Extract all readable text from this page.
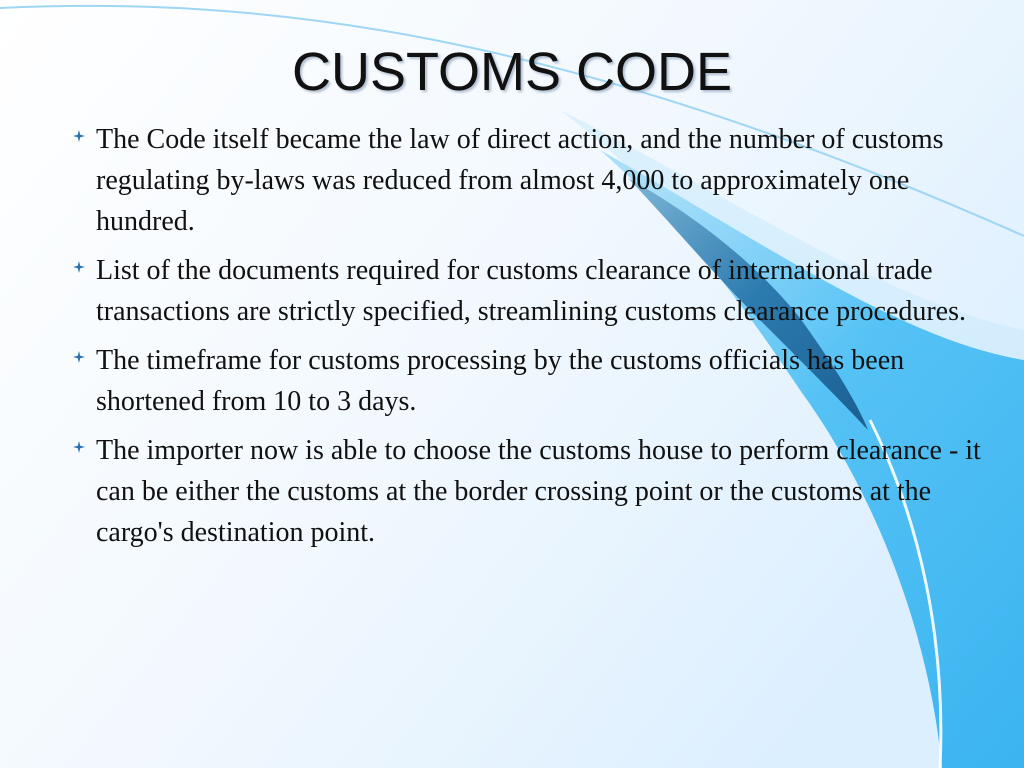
CUSTOMS CODE
The Code itself became the law of direct action, and the number of customs regulating by-laws was reduced from almost 4,000 to approximately one hundred.
List of the documents required for customs clearance of international trade transactions are strictly specified, streamlining customs clearance procedures.
The timeframe for customs processing by the customs officials has been shortened from 10 to 3 days.
The importer now is able to choose the customs house to perform clearance - it can be either the customs at the border crossing point or the customs at the cargo's destination point.
